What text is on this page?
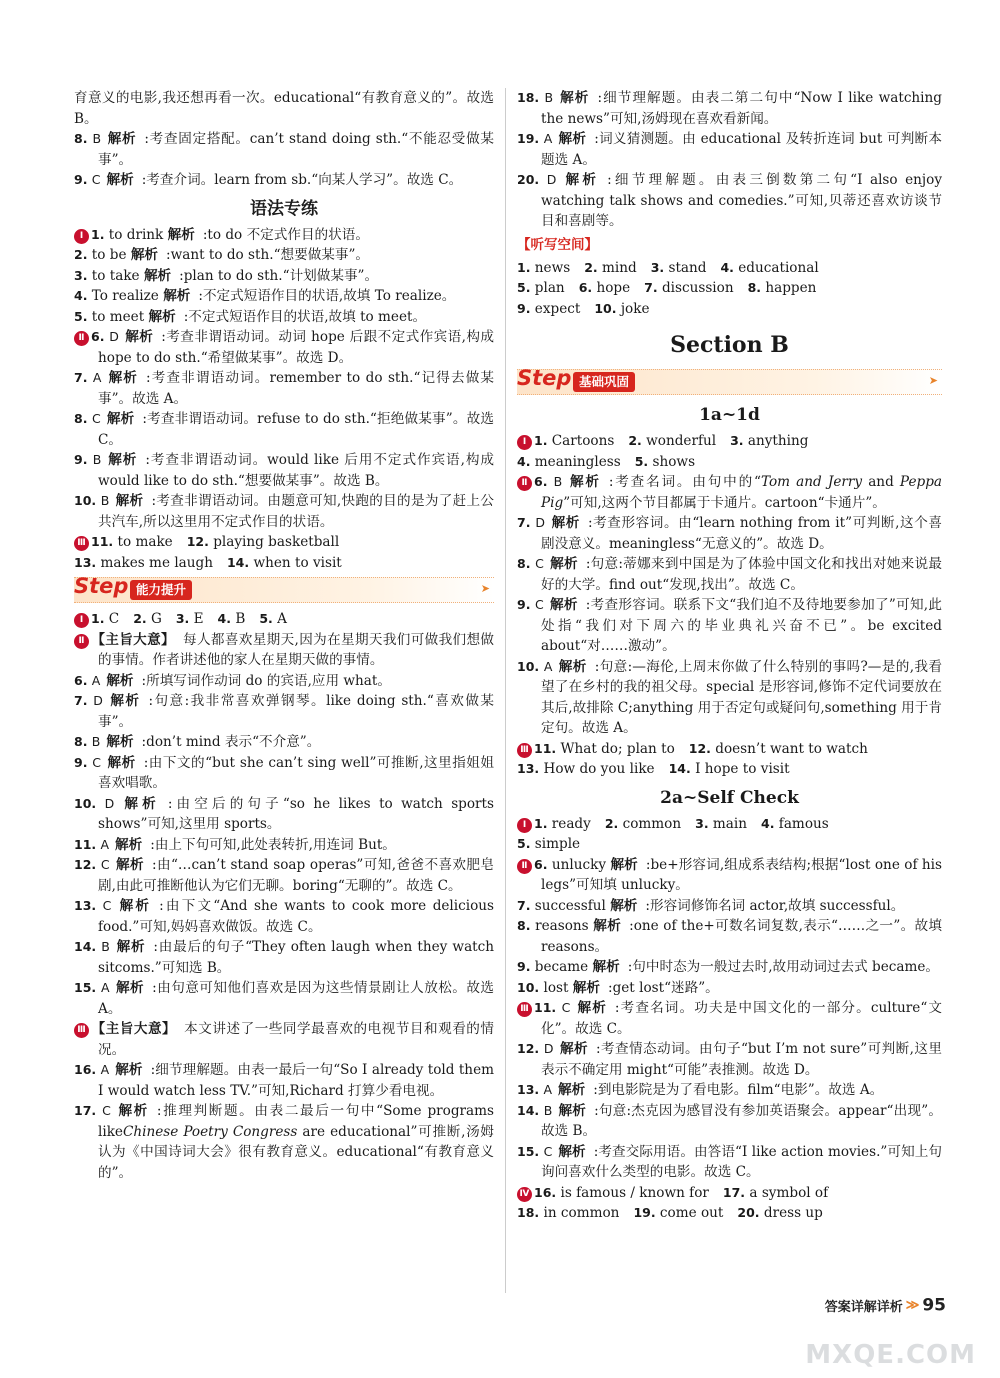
育意义的电影,我还想再看一次。educational“有教育意义的”。故选 B。
8. B 解析 :考查固定搭配。can’t stand doing sth.“不能忍受做某事”。
9. C 解析 :考查介词。learn from sb.“向某人学习”。故选 C。
语法专练
Ⅰ 1. to drink 解析 :to do 不定式作目的状语。
2. to be 解析 :want to do sth.“想要做某事”。
3. to take 解析 :plan to do sth.“计划做某事”。
4. To realize 解析 :不定式短语作目的状语,故填 To realize。
5. to meet 解析 :不定式短语作目的状语,故填 to meet。
Ⅱ 6. D 解析 :考查非谓语动词。动词 hope 后跟不定式作宾语,构成 hope to do sth.“希望做某事”。故选 D。
7. A 解析 :考查非谓语动词。remember to do sth.“记得去做某事”。故选 A。
8. C 解析 :考查非谓语动词。refuse to do sth.“拒绝做某事”。故选 C。
9. B 解析 :考查非谓语动词。would like 后用不定式作宾语,构成 would like to do sth.“想要做某事”。故选 B。
10. B 解析 :考查非谓语动词。由题意可知,快跑的目的是为了赶上公共汽车,所以这里用不定式作目的状语。
Ⅲ 11. to make 12. playing basketball
13. makes me laugh 14. when to visit
Step 能力提升	➤
Ⅰ 1. C 2. G 3. E 4. B 5. A
Ⅱ 【主旨大意】 每人都喜欢星期天,因为在星期天我们可做我们想做的事情。作者讲述他的家人在星期天做的事情。
6. A 解析 :所填写词作动词 do 的宾语,应用 what。
7. D 解析 :句意:我非常喜欢弹钢琴。like doing sth.“喜欢做某事”。
8. B 解析 :don’t mind 表示“不介意”。
9. C 解析 :由下文的“but she can’t sing well”可推断,这里指姐姐喜欢唱歌。
10. D 解析 :由空后的句子“so he likes to watch sports shows”可知,这里用 sports。
11. A 解析 :由上下句可知,此处表转折,用连词 But。
12. C 解析 :由“…can’t stand soap operas”可知,爸爸不喜欢肥皂剧,由此可推断他认为它们无聊。boring“无聊的”。故选 C。
13. C 解析 :由下文“And she wants to cook more delicious food.”可知,妈妈喜欢做饭。故选 C。
14. B 解析 :由最后的句子“They often laugh when they watch sitcoms.”可知选 B。
15. A 解析 :由句意可知他们喜欢是因为这些情景剧让人放松。故选 A。
Ⅲ 【主旨大意】 本文讲述了一些同学最喜欢的电视节目和观看的情况。
16. A 解析 :细节理解题。由表一最后一句“So I already told them I would watch less TV.”可知,Richard 打算少看电视。
17. C 解析 :推理判断题。由表二最后一句中“Some programs likeChinese Poetry Congress are educational”可推断,汤姆认为《中国诗词大会》很有教育意义。educational“有教育意义的”。
18. B 解析 :细节理解题。由表二第二句中“Now I like watching the news”可知,汤姆现在喜欢看新闻。
19. A 解析 :词义猜测题。由 educational 及转折连词 but 可判断本题选 A。
20. D 解析 :细节理解题。由表三倒数第二句“I also enjoy watching talk shows and comedies.”可知,贝蒂还喜欢访谈节目和喜剧等。
【听写空间】
1. news 2. mind 3. stand 4. educational
5. plan 6. hope 7. discussion 8. happen
9. expect 10. joke
Section B
Step 基础巩固	➤
1a~1d
Ⅰ 1. Cartoons 2. wonderful 3. anything
4. meaningless 5. shows
Ⅱ 6. B 解析 :考查名词。由句中的“Tom and Jerry and Peppa Pig”可知,这两个节目都属于卡通片。cartoon“卡通片”。
7. D 解析 :考查形容词。由“learn nothing from it”可判断,这个喜剧没意义。meaningless“无意义的”。故选 D。
8. C 解析 :句意:蒂娜来到中国是为了体验中国文化和找出对她来说最好的大学。find out“发现,找出”。故选 C。
9. C 解析 :考查形容词。联系下文“我们迫不及待地要参加了”可知,此处指“我们对下周六的毕业典礼兴奋不已”。be excited about“对……激动”。
10. A 解析 :句意:—海伦,上周末你做了什么特别的事吗?—是的,我看望了在乡村的我的祖父母。special 是形容词,修饰不定代词要放在其后,故排除 C;anything 用于否定句或疑问句,something 用于肯定句。故选 A。
Ⅲ 11. What do; plan to 12. doesn’t want to watch
13. How do you like 14. I hope to visit
2a~Self Check
Ⅰ 1. ready 2. common 3. main 4. famous
5. simple
Ⅱ 6. unlucky 解析 :be+形容词,组成系表结构;根据“lost one of his legs”可知填 unlucky。
7. successful 解析 :形容词修饰名词 actor,故填 successful。
8. reasons 解析 :one of the+可数名词复数,表示“……之一”。故填 reasons。
9. became 解析 :句中时态为一般过去时,故用动词过去式 became。
10. lost 解析 :get lost“迷路”。
Ⅲ 11. C 解析 :考查名词。功夫是中国文化的一部分。culture“文化”。故选 C。
12. D 解析 :考查情态动词。由句子“but I’m not sure”可判断,这里表示不确定用 might“可能”表推测。故选 D。
13. A 解析 :到电影院是为了看电影。film“电影”。故选 A。
14. B 解析 :句意:杰克因为感冒没有参加英语聚会。appear“出现”。故选 B。
15. C 解析 :考查交际用语。由答语“I like action movies.”可知上句询问喜欢什么类型的电影。故选 C。
Ⅳ 16. is famous / known for 17. a symbol of
18. in common 19. come out 20. dress up
答案详解详析 ≫ 95
MXQE.COM
